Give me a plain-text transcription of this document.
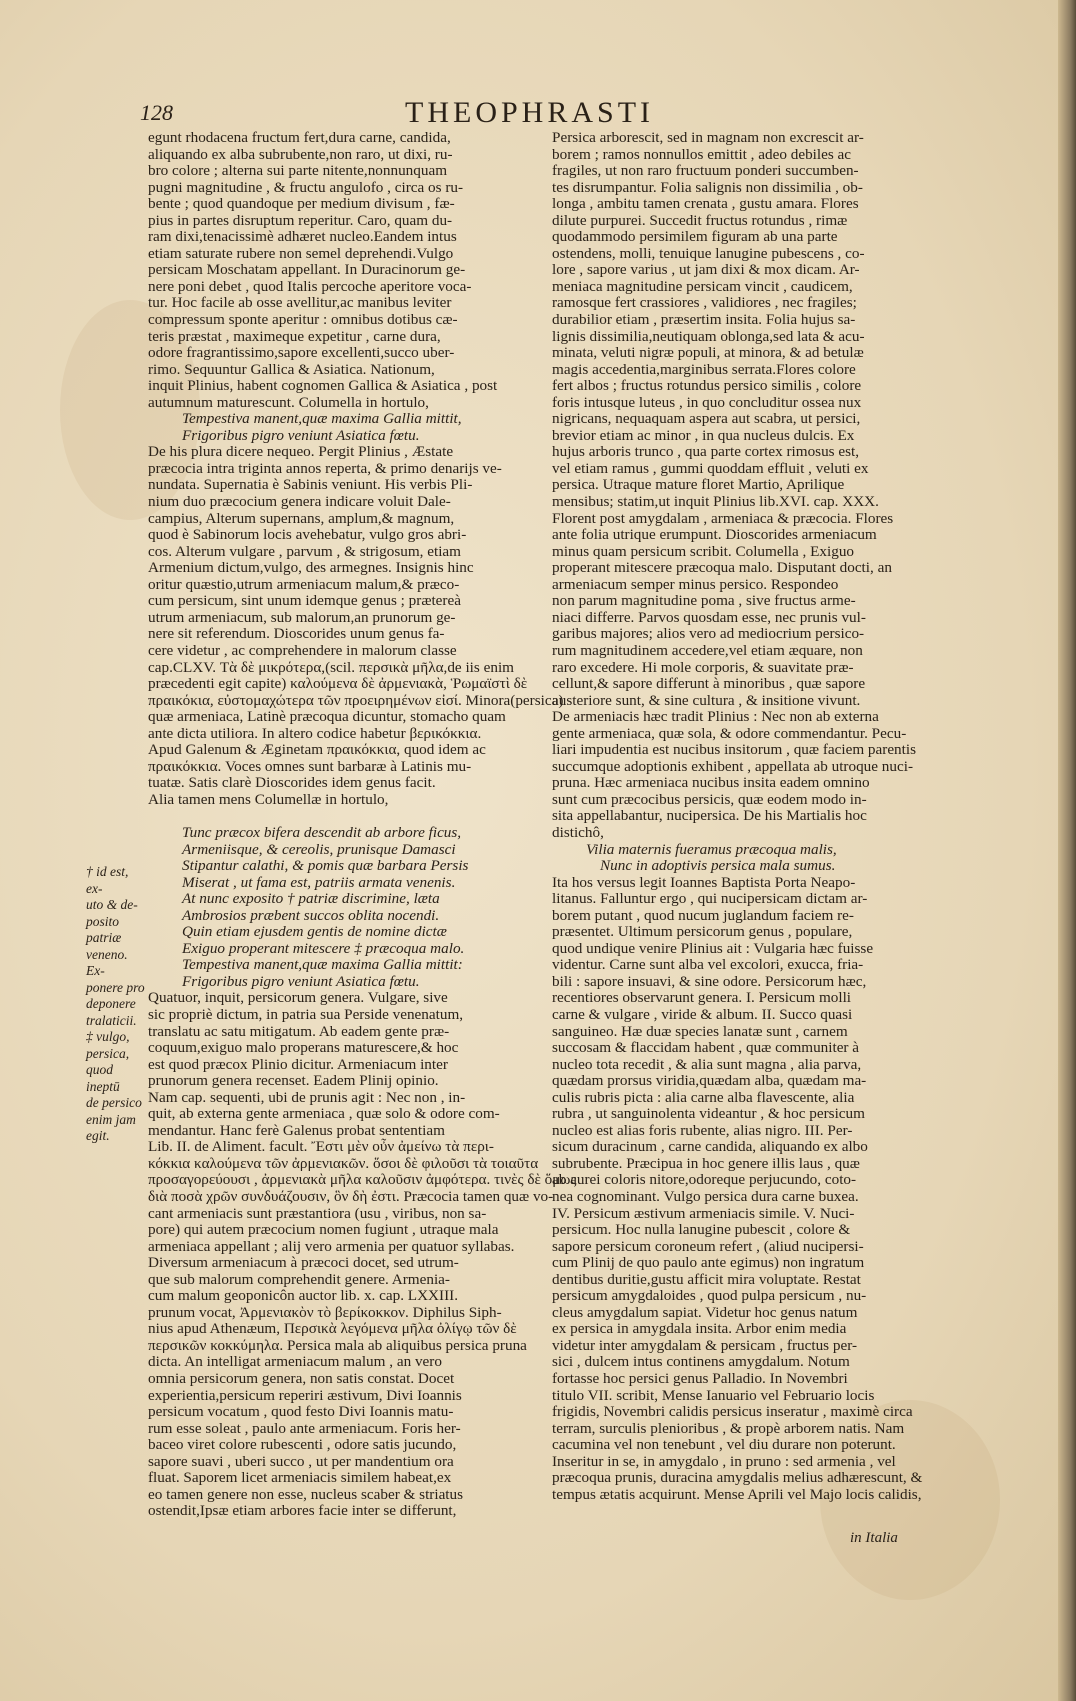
128	THEOPHRASTI
egunt rhodacena fructum fert,dura carne, candida,
aliquando ex alba subrubente,non raro, ut dixi, ru-
bro colore ; alterna sui parte nitente,nonnunquam
pugni magnitudine , & fructu angulofo , circa os ru-
bente ; quod quandoque per medium divisum , fæ-
pius in partes disruptum reperitur. Caro, quam du-
ram dixi,tenacissimè adhæret nucleo.Eandem intus
etiam saturate rubere non semel deprehendi.Vulgo
persicam Moschatam appellant. In Duracinorum ge-
nere poni debet , quod Italis percoche aperitore voca-
tur. Hoc facile ab osse avellitur,ac manibus leviter
compressum sponte aperitur : omnibus dotibus cæ-
teris præstat , maximeque expetitur , carne dura,
odore fragrantissimo,sapore excellenti,succo uber-
rimo. Sequuntur Gallica & Asiatica. Nationum,
inquit Plinius, habent cognomen Gallica & Asiatica , post
autumnum maturescunt. Columella in hortulo,
Tempestiva manent,quæ maxima Gallia mittit,
Frigoribus pigro veniunt Asiatica fœtu.
De his plura dicere nequeo. Pergit Plinius , Æstate
præcocia intra triginta annos reperta, & primo denarijs ve-
nundata. Supernatia è Sabinis veniunt. His verbis Pli-
nium duo præcocium genera indicare voluit Dale-
campius, Alterum supernans, amplum,& magnum,
quod è Sabinorum locis avehebatur, vulgo gros abri-
cos. Alterum vulgare , parvum , & strigosum, etiam
Armenium dictum,vulgo, des armegnes. Insignis hinc
oritur quæstio,utrum armeniacum malum,& præco-
cum persicum, sint unum idemque genus ; prætereà
utrum armeniacum, sub malorum,an prunorum ge-
nere sit referendum. Dioscorides unum genus fa-
cere videtur , ac comprehendere in malorum classe
cap.CLXV. Τὰ δὲ μικρότερα,(scil. περσικὰ μῆλα,de iis enim
præcedenti egit capite) καλούμενα δὲ ἀρμενιακὰ, Ῥωμαϊστὶ δὲ
πραικόκια, εὐστομαχώτερα τῶν προειρημένων εἰσί. Minora(persica)
quæ armeniaca, Latinè præcoqua dicuntur, stomacho quam
ante dicta utiliora. In altero codice habetur βερικόκκια.
Apud Galenum & Æginetam πραικόκκια, quod idem ac
πραικόκκια. Voces omnes sunt barbaræ à Latinis mu-
tuatæ. Satis clarè Dioscorides idem genus facit.
Alia tamen mens Columellæ in hortulo,
Tunc præcox bifera descendit ab arbore ficus,
Armeniisque, & cereolis, prunisque Damasci
Stipantur calathi, & pomis quæ barbara Persis
Miserat , ut fama est, patriis armata venenis.
At nunc exposito † patriæ discrimine, læta
Ambrosios præbent succos oblita nocendi.
Quin etiam ejusdem gentis de nomine dictæ
Exiguo properant mitescere ‡ præcoqua malo.
Tempestiva manent,quæ maxima Gallia mittit:
Frigoribus pigro veniunt Asiatica fœtu.
Quatuor, inquit, persicorum genera. Vulgare, sive
sic propriè dictum, in patria sua Perside venenatum,
translatu ac satu mitigatum. Ab eadem gente præ-
coquum,exiguo malo properans maturescere,& hoc
est quod præcox Plinio dicitur. Armeniacum inter
prunorum genera recenset. Eadem Plinij opinio.
Nam cap. sequenti, ubi de prunis agit : Nec non , in-
quit, ab externa gente armeniaca , quæ solo & odore com-
mendantur. Hanc ferè Galenus probat sententiam
Lib. II. de Aliment. facult. Ἔστι μὲν οὖν ἀμείνω τὰ περι-
κόκκια καλούμενα τῶν ἀρμενιακῶν. ὅσοι δὲ φιλοῦσι τὰ τοιαῦτα
προσαγορεύουσι , ἀρμενιακὰ μῆλα καλοῦσιν ἀμφότερα. τινὲς δὲ ὅμως
διὰ ποσὰ χρῶν συνδυάζουσιν, ὃν δὴ ἐστι. Præcocia tamen quæ vo-
cant armeniacis sunt præstantiora (usu , viribus, non sa-
pore) qui autem præcocium nomen fugiunt , utraque mala
armeniaca appellant ; alij vero armenia per quatuor syllabas.
Diversum armeniacum à præcoci docet, sed utrum-
que sub malorum comprehendit genere. Armenia-
cum malum geoponicôn auctor lib. x. cap. LXXIII.
prunum vocat, Ἀρμενιακὸν τὸ βερίκοκκον. Diphilus Siph-
nius apud Athenæum, Περσικὰ λεγόμενα μῆλα ὀλίγῳ τῶν δὲ
περσικῶν κοκκύμηλα. Persica mala ab aliquibus persica pruna
dicta. An intelligat armeniacum malum , an vero
omnia persicorum genera, non satis constat. Docet
experientia,persicum reperiri æstivum, Divi Ioannis
persicum vocatum , quod festo Divi Ioannis matu-
rum esse soleat , paulo ante armeniacum. Foris her-
baceo viret colore rubescenti , odore satis jucundo,
sapore suavi , uberi succo , ut per mandentium ora
fluat. Saporem licet armeniacis similem habeat,ex
eo tamen genere non esse, nucleus scaber & striatus
ostendit,Ipsæ etiam arbores facie inter se differunt,
Persica arborescit, sed in magnam non excrescit ar-
borem ; ramos nonnullos emittit , adeo debiles ac
fragiles, ut non raro fructuum ponderi succumben-
tes disrumpantur. Folia salignis non dissimilia , ob-
longa , ambitu tamen crenata , gustu amara. Flores
dilute purpurei. Succedit fructus rotundus , rimæ
quodammodo persimilem figuram ab una parte
ostendens, molli, tenuique lanugine pubescens , co-
lore , sapore varius , ut jam dixi & mox dicam. Ar-
meniaca magnitudine persicam vincit , caudicem,
ramosque fert crassiores , validiores , nec fragiles;
durabilior etiam , præsertim insita. Folia hujus sa-
lignis dissimilia,neutiquam oblonga,sed lata & acu-
minata, veluti nigræ populi, at minora, & ad betulæ
magis accedentia,marginibus serrata.Flores colore
fert albos ; fructus rotundus persico similis , colore
foris intusque luteus , in quo concluditur ossea nux
nigricans, nequaquam aspera aut scabra, ut persici,
brevior etiam ac minor , in qua nucleus dulcis. Ex
hujus arboris trunco , qua parte cortex rimosus est,
vel etiam ramus , gummi quoddam effluit , veluti ex
persica. Utraque mature floret Martio, Aprilique
mensibus; statim,ut inquit Plinius lib.XVI. cap. XXX.
Florent post amygdalam , armeniaca & præcocia. Flores
ante folia utrique erumpunt. Dioscorides armeniacum
minus quam persicum scribit. Columella , Exiguo
properant mitescere præcoqua malo. Disputant docti, an
armeniacum semper minus persico. Respondeo
non parum magnitudine poma , sive fructus arme-
niaci differre. Parvos quosdam esse, nec prunis vul-
garibus majores; alios vero ad mediocrium persico-
rum magnitudinem accedere,vel etiam æquare, non
raro excedere. Hi mole corporis, & suavitate præ-
cellunt,& sapore differunt à minoribus , quæ sapore
austeriore sunt, & sine cultura , & insitione vivunt.
De armeniacis hæc tradit Plinius : Nec non ab externa
gente armeniaca, quæ sola, & odore commendantur. Pecu-
liari impudentia est nucibus insitorum , quæ faciem parentis
succumque adoptionis exhibent , appellata ab utroque nuci-
pruna. Hæc armeniaca nucibus insita eadem omnino
sunt cum præcocibus persicis, quæ eodem modo in-
sita appellabantur, nucipersica. De his Martialis hoc
distichô,
Vilia maternis fueramus præcoqua malis,
Nunc in adoptivis persica mala sumus.
Ita hos versus legit Ioannes Baptista Porta Neapo-
litanus. Falluntur ergo , qui nucipersicam dictam ar-
borem putant , quod nucum juglandum faciem re-
præsentet. Ultimum persicorum genus , populare,
quod undique venire Plinius ait : Vulgaria hæc fuisse
videntur. Carne sunt alba vel excolori, exucca, fria-
bili : sapore insuavi, & sine odore. Persicorum hæc,
recentiores observarunt genera. I. Persicum molli
carne & vulgare , viride & album. II. Succo quasi
sanguineo. Hæ duæ species lanatæ sunt , carnem
succosam & flaccidam habent , quæ communiter à
nucleo tota recedit , & alia sunt magna , alia parva,
quædam prorsus viridia,quædam alba, quædam ma-
culis rubris picta : alia carne alba flavescente, alia
rubra , ut sanguinolenta videantur , & hoc persicum
nucleo est alias foris rubente, alias nigro. III. Per-
sicum duracinum , carne candida, aliquando ex albo
subrubente. Præcipua in hoc genere illis laus , quæ
ab aurei coloris nitore,odoreque perjucundo, coto-
nea cognominant. Vulgo persica dura carne buxea.
IV. Persicum æstivum armeniacis simile. V. Nuci-
persicum. Hoc nulla lanugine pubescit , colore &
sapore persicum coroneum refert , (aliud nucipersi-
cum Plinij de quo paulo ante egimus) non ingratum
dentibus duritie,gustu afficit mira voluptate. Restat
persicum amygdaloides , quod pulpa persicum , nu-
cleus amygdalum sapiat. Videtur hoc genus natum
ex persica in amygdala insita. Arbor enim media
videtur inter amygdalam & persicam , fructus per-
sici , dulcem intus continens amygdalum. Notum
fortasse hoc persici genus Palladio. In Novembri
titulo VII. scribit, Mense Ianuario vel Februario locis
frigidis, Novembri calidis persicus inseratur , maximè circa
terram, surculis plenioribus , & propè arborem natis. Nam
cacumina vel non tenebunt , vel diu durare non poterunt.
Inseritur in se, in amygdalo , in pruno : sed armenia , vel
præcoqua prunis, duracina amygdalis melius adhærescunt, &
tempus ætatis acquirunt. Mense Aprili vel Majo locis calidis,
† id est, ex-
uto & de-
posito patriæ
veneno. Ex-
ponere pro
deponere
tralaticii.
‡ vulgo,
persica,
quod ineptū
de persico
enim jam
egit.
in Italia
